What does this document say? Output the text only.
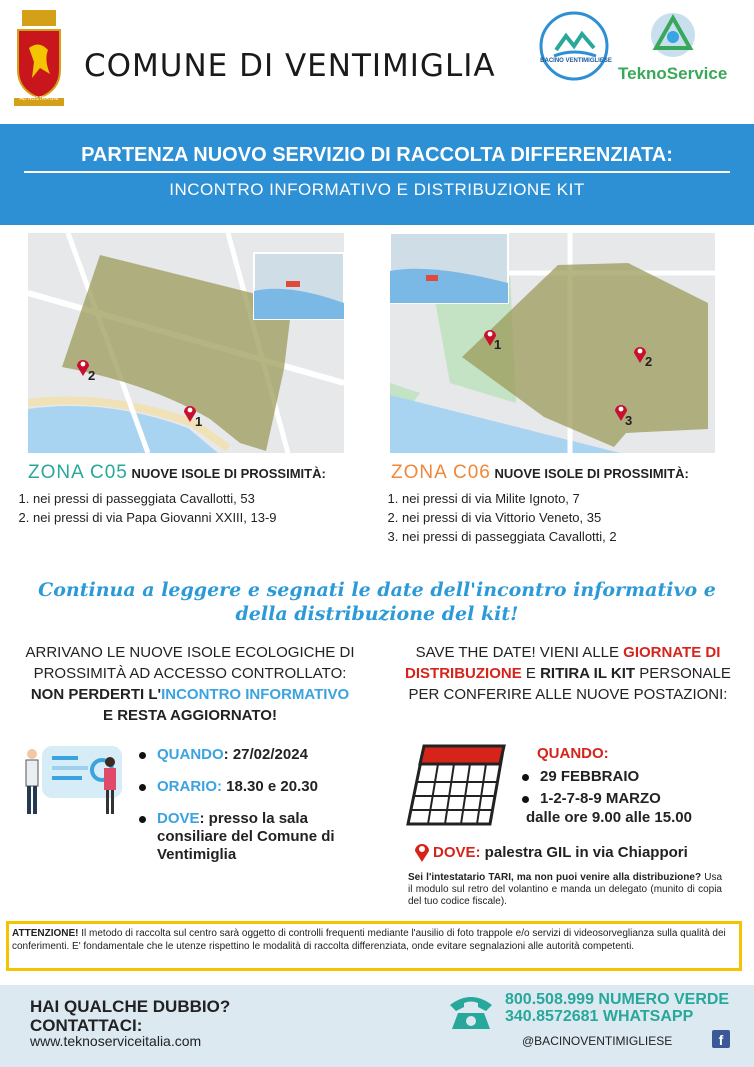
AD NOSTRA UNI
COMUNE DI VENTIMIGLIA	BACINO VENTIMIGLIESE
TeknoService
PARTENZA NUOVO SERVIZIO DI RACCOLTA DIFFERENZIATA:
INCONTRO INFORMATIVO E DISTRIBUZIONE KIT
2
1
1
2
3
ZONA C05 NUOVE ISOLE DI PROSSIMITÀ:
1. nei pressi di passeggiata Cavallotti, 53
2. nei pressi di via Papa Giovanni XXIII, 13-9
ZONA C06 NUOVE ISOLE DI PROSSIMITÀ:
1. nei pressi di via Milite Ignoto, 7
2. nei pressi di via Vittorio Veneto, 35
3. nei pressi di passeggiata Cavallotti, 2
Continua a leggere e segnati le date dell'incontro informativo e
della distribuzione del kit!
ARRIVANO LE NUOVE ISOLE ECOLOGICHE DI
PROSSIMITÀ AD ACCESSO CONTROLLATO:
NON PERDERTI L'INCONTRO INFORMATIVO
E RESTA AGGIORNATO!
QUANDO: 27/02/2024
ORARIO: 18.30 e 20.30
DOVE: presso la sala consiliare del Comune di Ventimiglia
SAVE THE DATE! VIENI ALLE GIORNATE DI
DISTRIBUZIONE E RITIRA IL KIT PERSONALE
PER CONFERIRE ALLE NUOVE POSTAZIONI:
QUANDO:
29 FEBBRAIO
1-2-7-8-9 MARZO
dalle ore 9.00 alle 15.00
DOVE: palestra GIL in via Chiappori
Sei l'intestatario TARI, ma non puoi venire alla distribuzione? Usa il modulo sul retro del volantino e manda un delegato (munito di copia del tuo codice fiscale).
ATTENZIONE! Il metodo di raccolta sul centro sarà oggetto di controlli frequenti mediante l'ausilio di foto trappole e/o servizi di videosorveglianza sulla qualità dei conferimenti. E' fondamentale che le utenze rispettino le modalità di raccolta differenziata, onde evitare segnalazioni alle autorità competenti.
HAI QUALCHE DUBBIO?
CONTATTACI:
www.teknoserviceitalia.com
800.508.999 NUMERO VERDE
340.8572681 WHATSAPP
@BACINOVENTIMIGLIESE	f
